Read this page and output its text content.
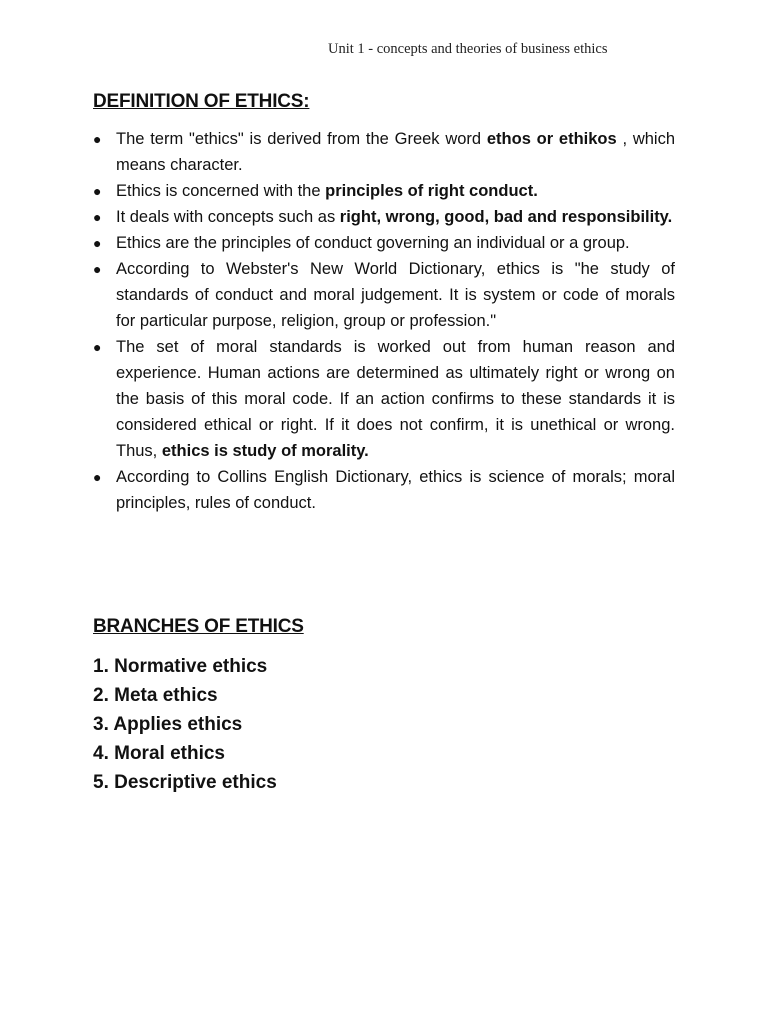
Unit 1 - concepts and theories of business ethics
DEFINITION OF ETHICS:
● The term "ethics" is derived from the Greek word ethos or ethikos , which means character.
● Ethics is concerned with the principles of right conduct.
● It deals with concepts such as right, wrong, good, bad and responsibility.
● Ethics are the principles of conduct governing an individual or a group.
● According to Webster's New World Dictionary, ethics is "he study of standards of conduct and moral judgement. It is system or code of morals for particular purpose, religion, group or profession."
● The set of moral standards is worked out from human reason and experience. Human actions are determined as ultimately right or wrong on the basis of this moral code. If an action confirms to these standards it is considered ethical or right. If it does not confirm, it is unethical or wrong. Thus, ethics is study of morality.
● According to Collins English Dictionary, ethics is science of morals; moral principles, rules of conduct.
BRANCHES OF ETHICS
1. Normative ethics
2. Meta ethics
3. Applies ethics
4. Moral ethics
5. Descriptive ethics
